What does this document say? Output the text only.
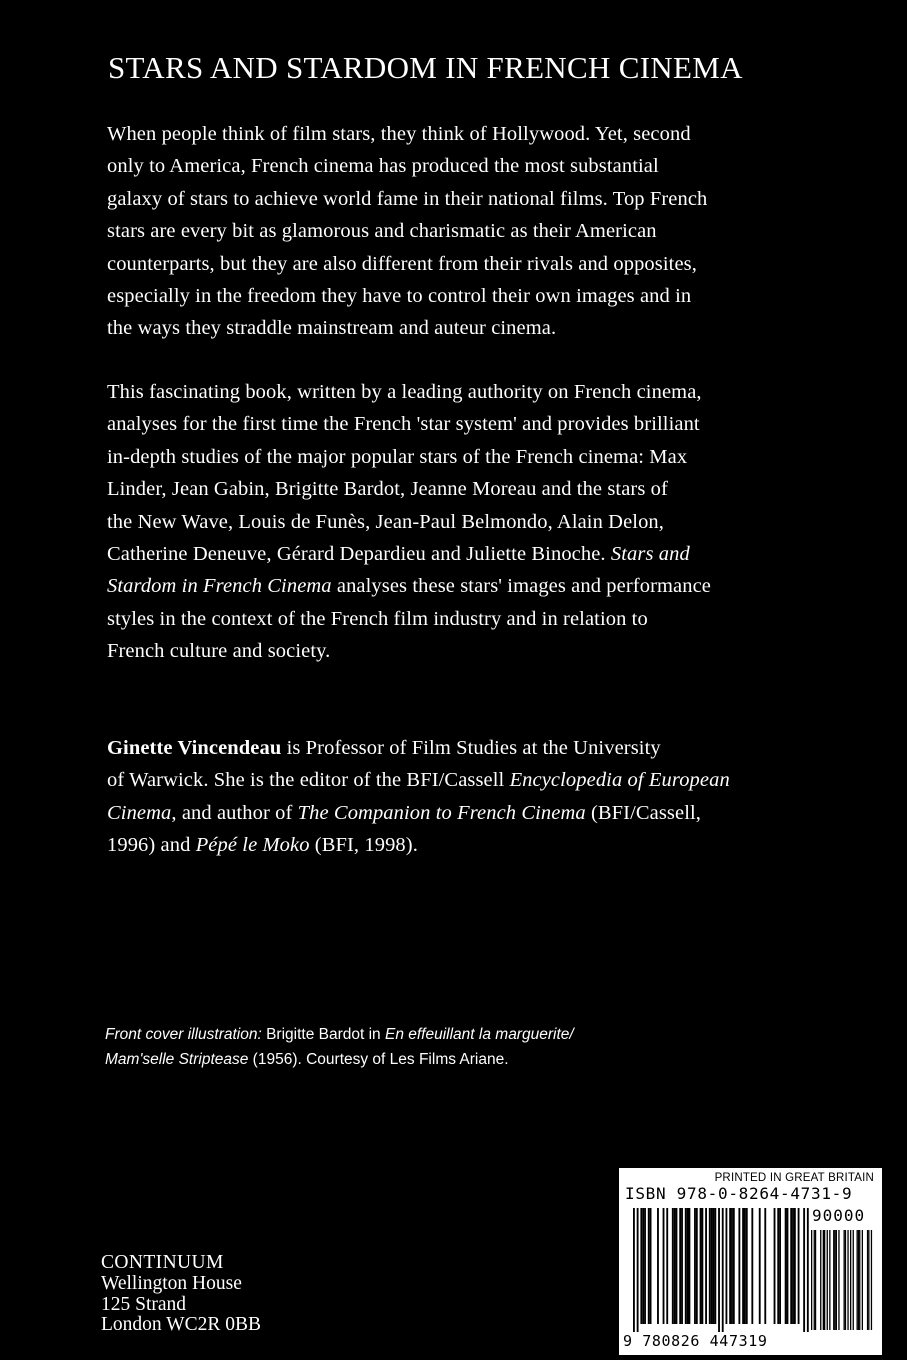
STARS AND STARDOM IN FRENCH CINEMA

When people think of film stars, they think of Hollywood. Yet, second
only to America, French cinema has produced the most substantial
galaxy of stars to achieve world fame in their national films. Top French
stars are every bit as glamorous and charismatic as their American
counterparts, but they are also different from their rivals and opposites,
especially in the freedom they have to control their own images and in
the ways they straddle mainstream and auteur cinema.

This fascinating book, written by a leading authority on French cinema,
analyses for the first time the French 'star system' and provides brilliant
in-depth studies of the major popular stars of the French cinema: Max
Linder, Jean Gabin, Brigitte Bardot, Jeanne Moreau and the stars of
the New Wave, Louis de Funès, Jean-Paul Belmondo, Alain Delon,
Catherine Deneuve, Gérard Depardieu and Juliette Binoche. Stars and
Stardom in French Cinema analyses these stars' images and performance
styles in the context of the French film industry and in relation to
French culture and society.

Ginette Vincendeau is Professor of Film Studies at the University
of Warwick. She is the editor of the BFI/Cassell Encyclopedia of European
Cinema, and author of The Companion to French Cinema (BFI/Cassell,
1996) and Pépé le Moko (BFI, 1998).

Front cover illustration: Brigitte Bardot in En effeuillant la marguerite/
Mam'selle Striptease (1956). Courtesy of Les Films Ariane.

CONTINUUM
Wellington House
125 Strand
London WC2R 0BB

PRINTED IN GREAT BRITAIN
ISBN 978-0-8264-4731-9
90000
9 780826 447319
